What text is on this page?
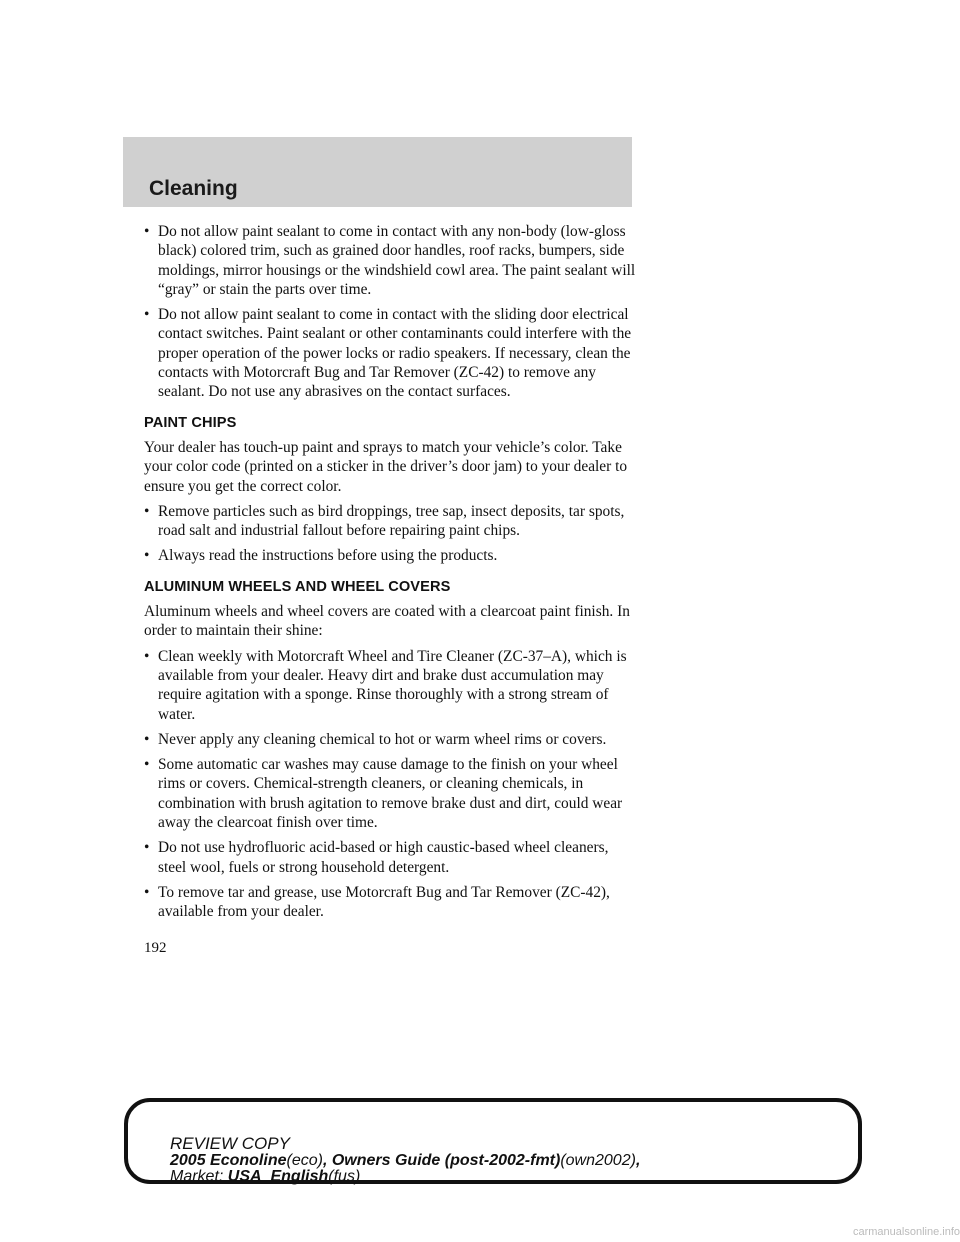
Cleaning
• Do not allow paint sealant to come in contact with any non-body (low-gloss black) colored trim, such as grained door handles, roof racks, bumpers, side moldings, mirror housings or the windshield cowl area. The paint sealant will “gray” or stain the parts over time.
• Do not allow paint sealant to come in contact with the sliding door electrical contact switches. Paint sealant or other contaminants could interfere with the proper operation of the power locks or radio speakers. If necessary, clean the contacts with Motorcraft Bug and Tar Remover (ZC-42) to remove any sealant. Do not use any abrasives on the contact surfaces.
PAINT CHIPS
Your dealer has touch-up paint and sprays to match your vehicle’s color. Take your color code (printed on a sticker in the driver’s door jam) to your dealer to ensure you get the correct color.
• Remove particles such as bird droppings, tree sap, insect deposits, tar spots, road salt and industrial fallout before repairing paint chips.
• Always read the instructions before using the products.
ALUMINUM WHEELS AND WHEEL COVERS
Aluminum wheels and wheel covers are coated with a clearcoat paint finish. In order to maintain their shine:
• Clean weekly with Motorcraft Wheel and Tire Cleaner (ZC-37–A), which is available from your dealer. Heavy dirt and brake dust accumulation may require agitation with a sponge. Rinse thoroughly with a strong stream of water.
• Never apply any cleaning chemical to hot or warm wheel rims or covers.
• Some automatic car washes may cause damage to the finish on your wheel rims or covers. Chemical-strength cleaners, or cleaning chemicals, in combination with brush agitation to remove brake dust and dirt, could wear away the clearcoat finish over time.
• Do not use hydrofluoric acid-based or high caustic-based wheel cleaners, steel wool, fuels or strong household detergent.
• To remove tar and grease, use Motorcraft Bug and Tar Remover (ZC-42), available from your dealer.
192
REVIEW COPY
2005 Econoline(eco), Owners Guide (post-2002-fmt)(own2002),
Market: USA_English(fus)
carmanualsonline.info
